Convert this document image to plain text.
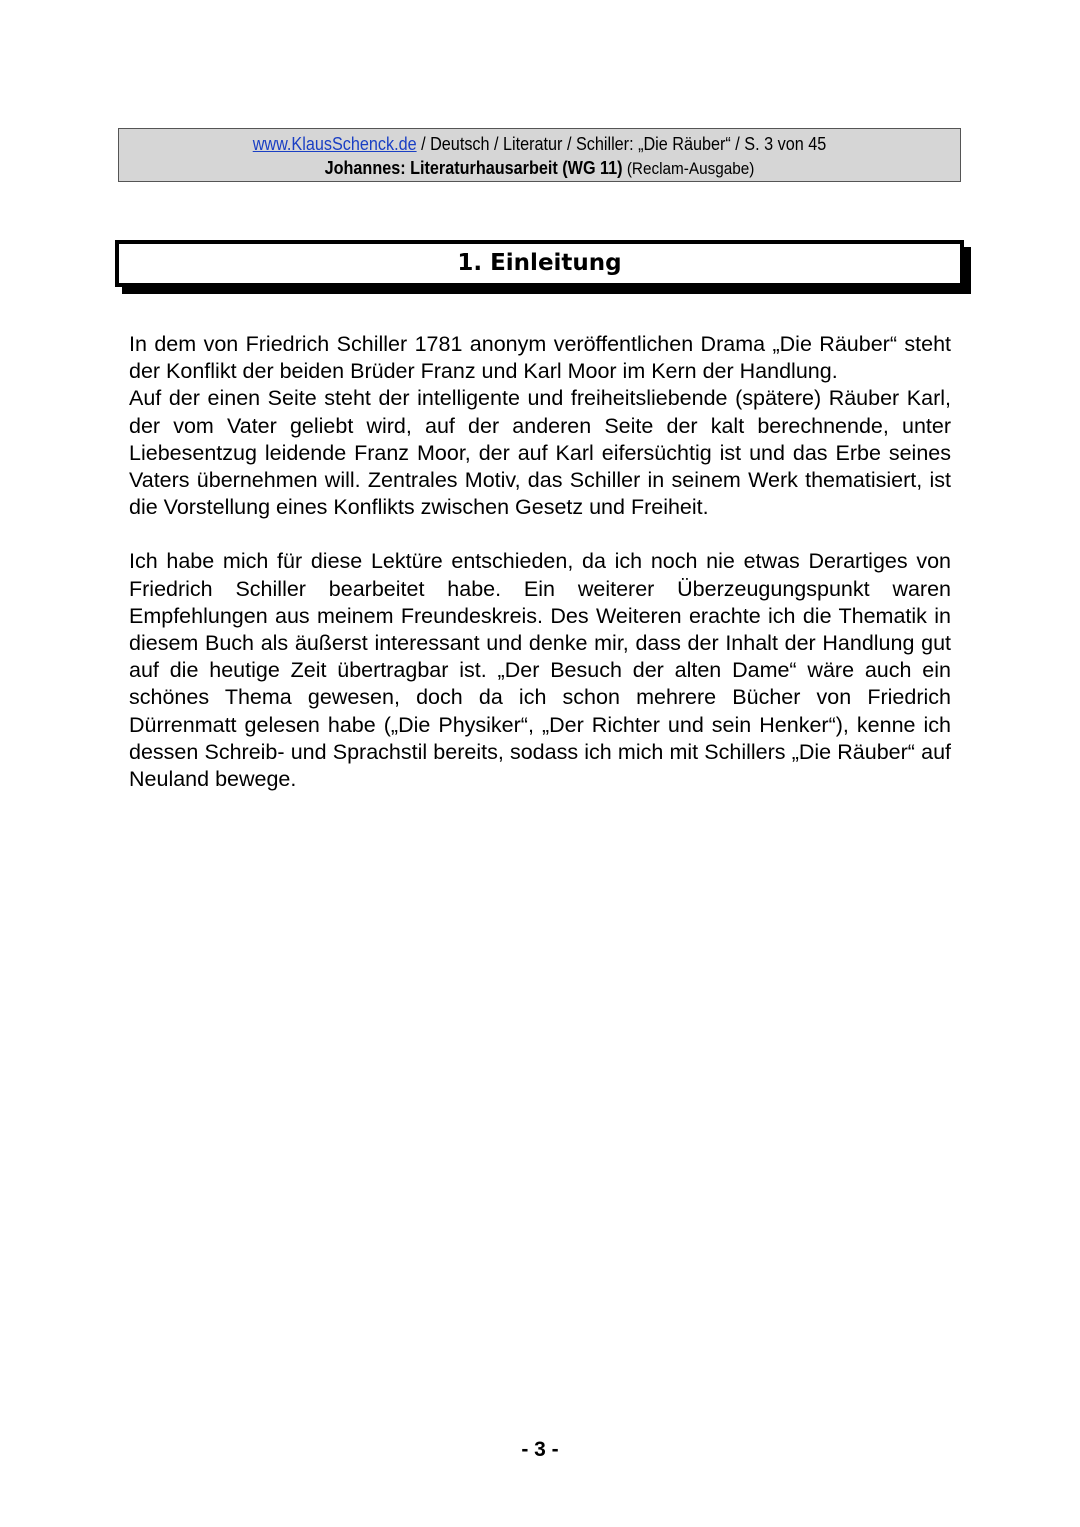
www.KlausSchenck.de / Deutsch / Literatur / Schiller: „Die Räuber“ / S. 3 von 45
Johannes: Literaturhausarbeit (WG 11) (Reclam-Ausgabe)
1. Einleitung

In dem von Friedrich Schiller 1781 anonym veröffentlichen Drama „Die Räuber“ steht der Konflikt der beiden Brüder Franz und Karl Moor im Kern der Handlung.

Auf der einen Seite steht der intelligente und freiheitsliebende (spätere) Räuber Karl, der vom Vater geliebt wird, auf der anderen Seite der kalt berechnende, unter Liebesentzug leidende Franz Moor, der auf Karl eifersüchtig ist und das Erbe seines Vaters übernehmen will. Zentrales Motiv, das Schiller in seinem Werk thematisiert, ist die Vorstellung eines Konflikts zwischen Gesetz und Freiheit.

Ich habe mich für diese Lektüre entschieden, da ich noch nie etwas Derartiges von Friedrich Schiller bearbeitet habe. Ein weiterer Überzeugungspunkt waren Empfehlungen aus meinem Freundeskreis. Des Weiteren erachte ich die Thematik in diesem Buch als äußerst interessant und denke mir, dass der Inhalt der Handlung gut auf die heutige Zeit übertragbar ist. „Der Besuch der alten Dame“ wäre auch ein schönes Thema gewesen, doch da ich schon mehrere Bücher von Friedrich Dürrenmatt gelesen habe („Die Physiker“, „Der Richter und sein Henker“), kenne ich dessen Schreib- und Sprachstil bereits, sodass ich mich mit Schillers „Die Räuber“ auf Neuland bewege.

- 3 -
